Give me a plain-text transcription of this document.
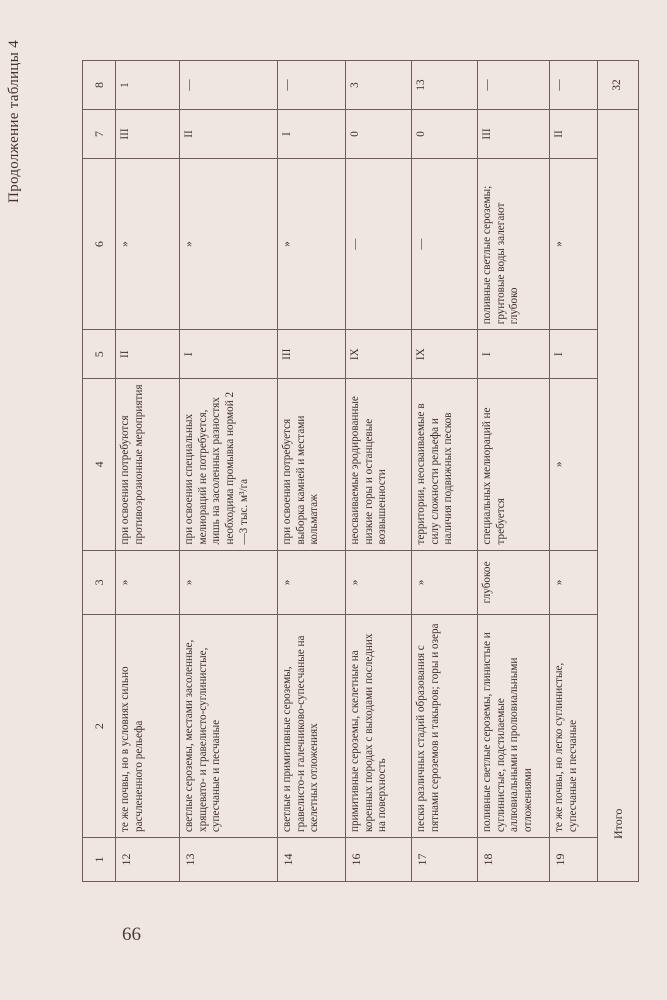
66
Продолжение таблицы 4
1	2	3	4	5	6	7	8
12	те же почвы, но в условиях сильно расчлененного рельефа	»	при освоении потребуются противоэрозионные мероприятия	II	»	III	1
13	светлые сероземы, местами засоленные, хрящевато- и гравелисто-суглинистые, супесчаные и песчаные	»	при освоении специальных мелиораций не потребуется, лишь на засоленных разностях необходима промывка нормой 2—3 тыс. м³/га	I	»	II	—
14	светлые и примитивные сероземы, гравелисто-и галечниково-супесчаные на скелетных отложениях	»	при освоении потребуется выборка камней и местами кольматаж	III	»	I	—
16	примитивные сероземы, скелетные на коренных породах с выходами последних на поверхность	»	неосваиваемые эродированные низкие горы и останцевые возвышенности	IX	—	0	3
17	пески различных стадий образования с пятнами сероземов и такыров; горы и озера	»	территории, неосваиваемые в силу сложности рельефа и наличия подвижных песков	IX	—	0	13
18	поливные светлые сероземы, глинистые и суглинистые, подстилаемые аллювиальными и пролювиальными отложениями	глубокое	специальных мелиораций не требуется	I	поливные светлые сероземы; грунтовые воды залегают глубоко	III	—
19	те же почвы, но легко суглинистые, супесчаные и песчаные	»	»	I	»	II	—
Итого							32
